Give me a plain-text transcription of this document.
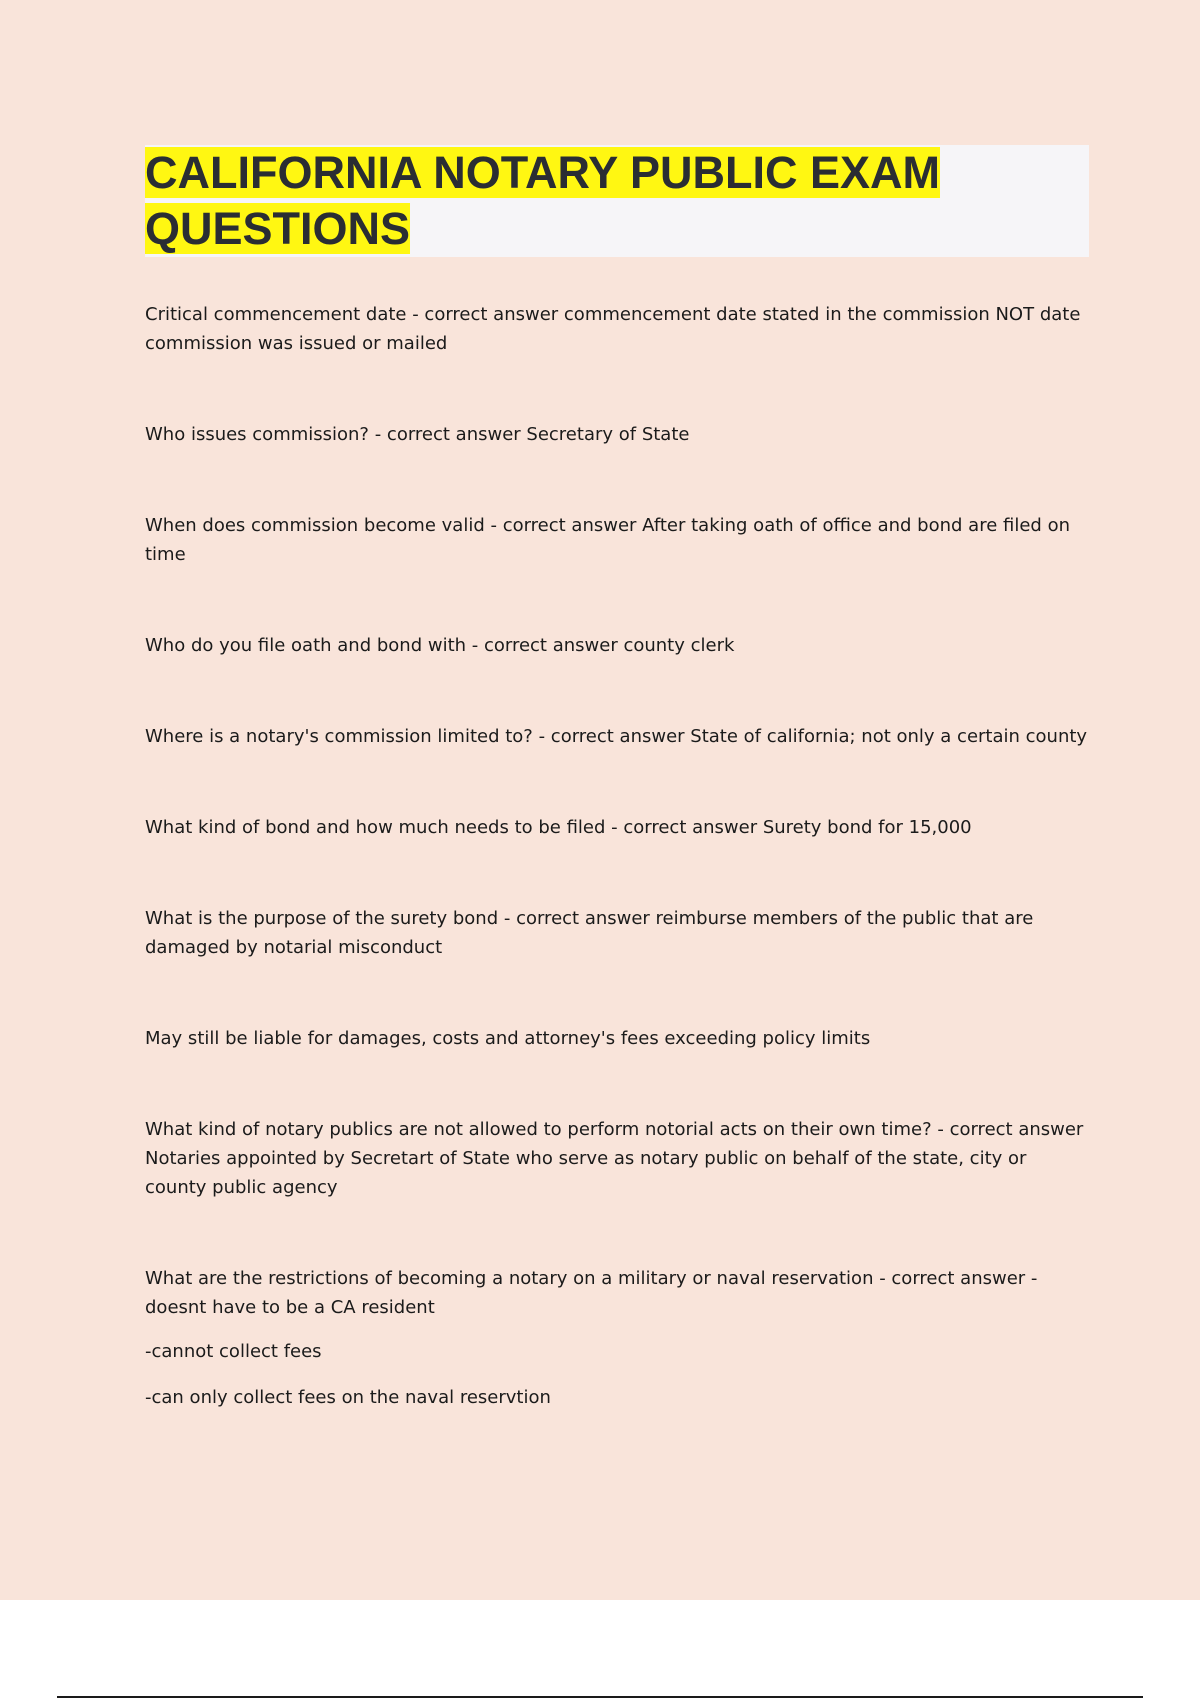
CALIFORNIA NOTARY PUBLIC EXAM
QUESTIONS

Critical commencement date - correct answer commencement date stated in the commission NOT date commission was issued or mailed

Who issues commission? - correct answer Secretary of State

When does commission become valid - correct answer After taking oath of office and bond are filed on time

Who do you file oath and bond with - correct answer county clerk

Where is a notary's commission limited to? - correct answer State of california; not only a certain county

What kind of bond and how much needs to be filed - correct answer Surety bond for 15,000

What is the purpose of the surety bond - correct answer reimburse members of the public that are damaged by notarial misconduct

May still be liable for damages, costs and attorney's fees exceeding policy limits

What kind of notary publics are not allowed to perform notorial acts on their own time? - correct answer Notaries appointed by Secretart of State who serve as notary public on behalf of the state, city or county public agency

What are the restrictions of becoming a notary on a military or naval reservation - correct answer - doesnt have to be a CA resident

-cannot collect fees

-can only collect fees on the naval reservtion
